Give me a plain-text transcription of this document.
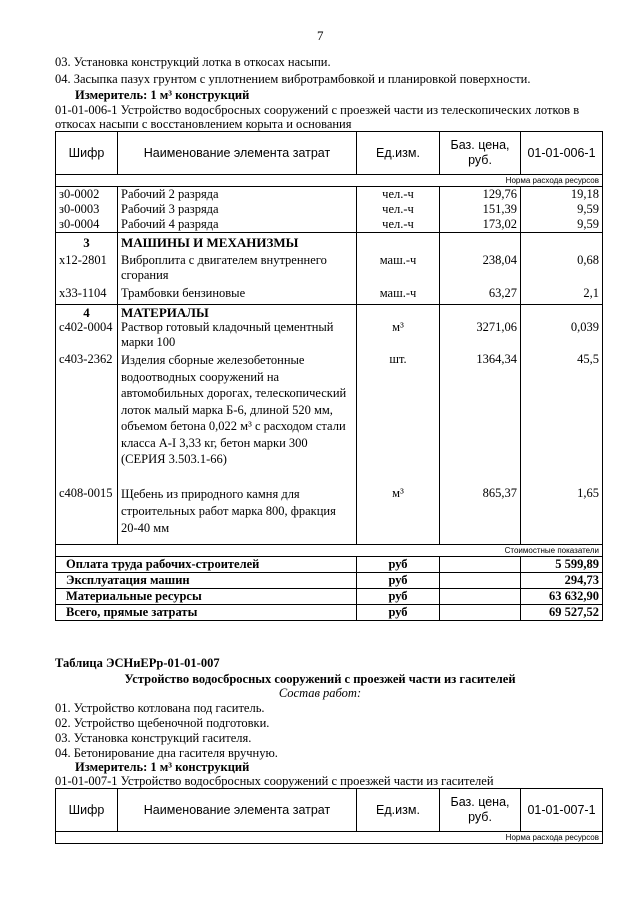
7
03. Установка конструкций лотка в откосах насыпи.
04. Засыпка пазух грунтом с уплотнением вибротрамбовкой и планировкой поверхности.
Измеритель: 1 м³ конструкций
01-01-006-1 Устройство водосбросных сооружений с проезжей части из телескопических лотков в
откосах насыпи с восстановлением корыта и основания
Шифр	Наименование элемента затрат	Ед.изм.	Баз. цена, руб.	01-01-006-1
Норма расхода ресурсов				
з0-0002	Рабочий 2 разряда	чел.-ч	129,76	19,18
з0-0003	Рабочий 3 разряда	чел.-ч	151,39	9,59
з0-0004	Рабочий 4 разряда	чел.-ч	173,02	9,59
3	МАШИНЫ И МЕХАНИЗМЫ			
х12-2801	Виброплита с двигателем внутреннего сгорания	маш.-ч	238,04	0,68
х33-1104	Трамбовки бензиновые	маш.-ч	63,27	2,1
4	МАТЕРИАЛЫ			
с402-0004	Раствор готовый кладочный цементный марки 100	м³	3271,06	0,039
с403-2362	Изделия сборные железобетонные водоотводных сооружений на автомобильных дорогах, телескопический лоток малый марка Б-6, длиной 520 мм, объемом бетона 0,022 м³ с расходом стали класса А-I 3,33 кг, бетон марки 300 (СЕРИЯ 3.503.1-66)	шт.	1364,34	45,5
с408-0015	Щебень из природного камня для строительных работ марка 800, фракция 20-40 мм	м³	865,37	1,65
Стоимостные показатели				
Оплата труда рабочих-строителей		руб		5 599,89
Эксплуатация машин		руб		294,73
Материальные ресурсы		руб		63 632,90
Всего, прямые затраты		руб		69 527,52
Таблица ЭСНиЕРр-01-01-007
Устройство водосбросных сооружений с проезжей части из гасителей
Состав работ:
01. Устройство котлована под гаситель.
02. Устройство щебеночной подготовки.
03. Установка конструкций гасителя.
04. Бетонирование дна гасителя вручную.
Измеритель: 1 м³ конструкций
01-01-007-1 Устройство водосбросных сооружений с проезжей части из гасителей
Шифр	Наименование элемента затрат	Ед.изм.	Баз. цена, руб.	01-01-007-1
Норма расхода ресурсов
